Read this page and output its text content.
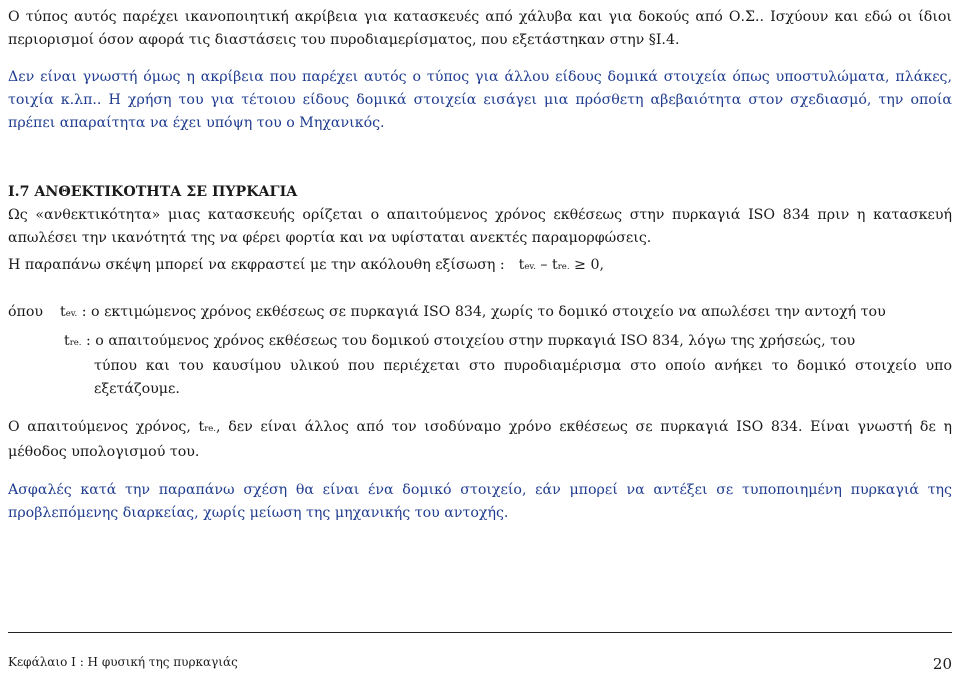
Ο τύπος αυτός παρέχει ικανοποιητική ακρίβεια για κατασκευές από χάλυβα και για δοκούς από Ο.Σ.. Ισχύουν και εδώ οι ίδιοι περιορισμοί όσον αφορά τις διαστάσεις του πυροδιαμερίσματος, που εξετάστηκαν στην §Ι.4.

Δεν είναι γνωστή όμως η ακρίβεια που παρέχει αυτός ο τύπος για άλλου είδους δομικά στοιχεία όπως υποστυλώματα, πλάκες, τοιχία κ.λπ.. Η χρήση του για τέτοιου είδους δομικά στοιχεία εισάγει μια πρόσθετη αβεβαιότητα στον σχεδιασμό, την οποία πρέπει απαραίτητα να έχει υπόψη του ο Μηχανικός.

Ι.7 ΑΝΘΕΚΤΙΚΟΤΗΤΑ ΣΕ ΠΥΡΚΑΓΙΑ

Ως «ανθεκτικότητα» μιας κατασκευής ορίζεται ο απαιτούμενος χρόνος εκθέσεως στην πυρκαγιά ISO 834 πριν η κατασκευή απωλέσει την ικανότητά της να φέρει φορτία και να υφίσταται ανεκτές παραμορφώσεις.

Η παραπάνω σκέψη μπορεί να εκφραστεί με την ακόλουθη εξίσωση : tev. – tre. ≥ 0,

όπου	tev. : ο εκτιμώμενος χρόνος εκθέσεως σε πυρκαγιά ISO 834, χωρίς το δομικό στοιχείο να απωλέσει την αντοχή του

tre. : ο απαιτούμενος χρόνος εκθέσεως του δομικού στοιχείου στην πυρκαγιά ISO 834, λόγω της χρήσεώς, του

τύπου και του καυσίμου υλικού που περιέχεται στο πυροδιαμέρισμα στο οποίο ανήκει το δομικό στοιχείο υπο εξετάζουμε.

Ο απαιτούμενος χρόνος, tre., δεν είναι άλλος από τον ισοδύναμο χρόνο εκθέσεως σε πυρκαγιά ISO 834. Είναι γνωστή δε η μέθοδος υπολογισμού του.

Ασφαλές κατά την παραπάνω σχέση θα είναι ένα δομικό στοιχείο, εάν μπορεί να αντέξει σε τυποποιημένη πυρκαγιά της προβλεπόμενης διαρκείας, χωρίς μείωση της μηχανικής του αντοχής.

Κεφάλαιο Ι : Η φυσική της πυρκαγιάς	20
